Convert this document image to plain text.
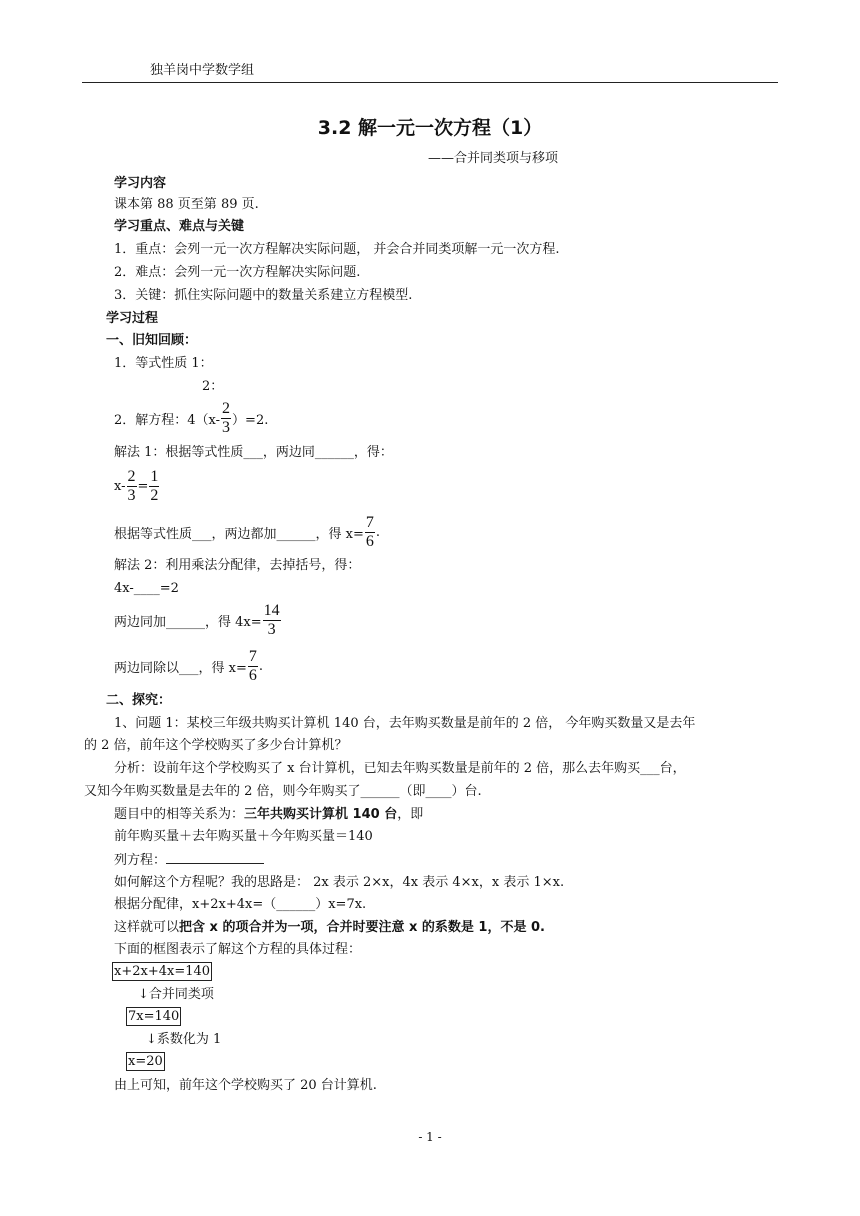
独羊岗中学数学组
3.2 解一元一次方程（1）
——合并同类项与移项
学习内容
课本第 88 页至第 89 页.
学习重点、难点与关键
1．重点：会列一元一次方程解决实际问题， 并会合并同类项解一元一次方程.
2．难点：会列一元一次方程解决实际问题.
3．关键：抓住实际问题中的数量关系建立方程模型.
学习过程
一、旧知回顾：
1．等式性质 1：
2：
2．解方程：$4(x- \frac{2}{3} )=2$.
解法 1：根据等式性质___，两边同______，得：
$x- \frac{2}{3} = \frac{1}{2}$
根据等式性质___，两边都加______，得 $x= \frac{7}{6}$ .
解法 2：利用乘法分配律，去掉括号，得：
4x-____=2
两边同加______，得 $4x= \frac{14}{3}$
两边同除以___，得 $x= \frac{7}{6}$ .
二、探究：
1、问题 1：某校三年级共购买计算机 140 台，去年购买数量是前年的 2 倍， 今年购买数量又是去年
的 2 倍，前年这个学校购买了多少台计算机？
分析：设前年这个学校购买了 x 台计算机，已知去年购买数量是前年的 2 倍，那么去年购买___台，
又知今年购买数量是去年的 2 倍，则今年购买了______（即____）台.
题目中的相等关系为：三年共购买计算机 140 台，即
前年购买量＋去年购买量＋今年购买量＝140
列方程：
如何解这个方程呢？我的思路是： 2x 表示 2×x，4x 表示 4×x，x 表示 1×x.
根据分配律，x+2x+4x=（______）x=7x.
这样就可以把含 x 的项合并为一项，合并时要注意 x 的系数是 1，不是 0.
下面的框图表示了解这个方程的具体过程：
x+2x+4x=140
↓合并同类项
7x=140
↓系数化为 1
x=20
由上可知，前年这个学校购买了 20 台计算机.
- 1 -
